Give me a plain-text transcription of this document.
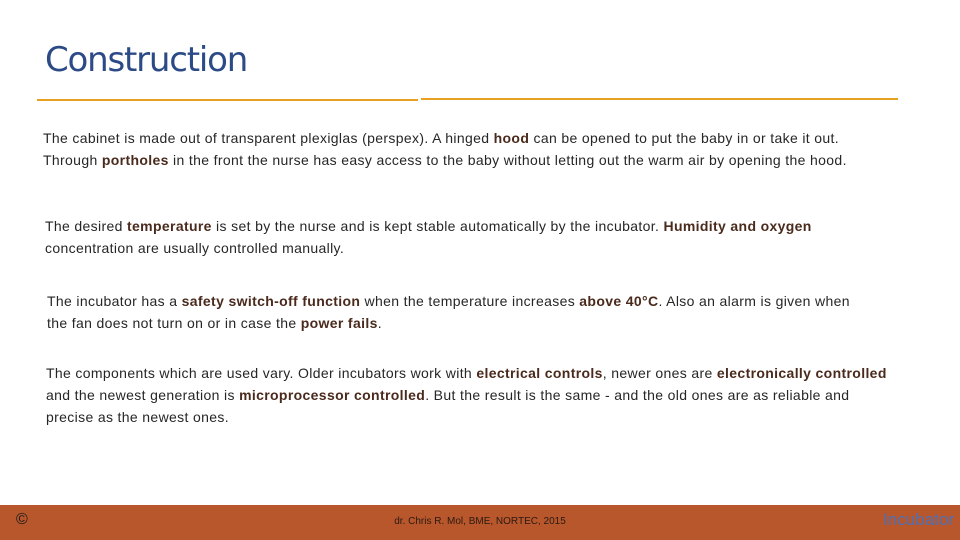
Construction

The cabinet is made out of transparent plexiglas (perspex). A hinged hood can be opened to put the baby in or take it out. Through portholes in the front the nurse has easy access to the baby without letting out the warm air by opening the hood.

The desired temperature is set by the nurse and is kept stable automatically by the incubator. Humidity and oxygen concentration are usually controlled manually.

The incubator has a safety switch-off function when the temperature increases above 40°C. Also an alarm is given when the fan does not turn on or in case the power fails.

The components which are used vary. Older incubators work with electrical controls, newer ones are electronically controlled and the newest generation is microprocessor controlled. But the result is the same - and the old ones are as reliable and precise as the newest ones.

©	dr. Chris R. Mol, BME, NORTEC, 2015	Incubator
